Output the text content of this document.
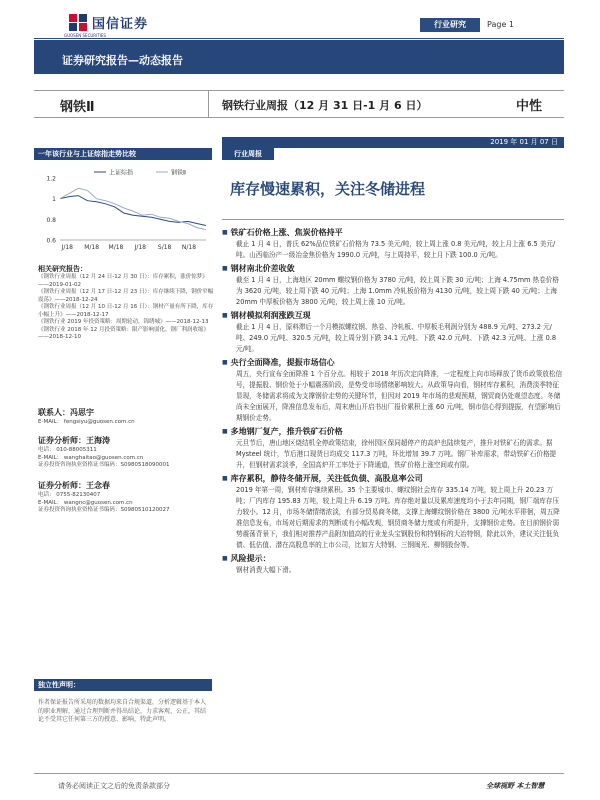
国信证券
GUOSEN SECURITIES
行业研究	Page 1
证券研究报告—动态报告
钢铁Ⅱ	钢铁行业周报（12 月 31 日-1 月 6 日）	中性
2019 年 01 月 07 日
行业周报
一年该行业与上证综指走势比较
1.2
1
0.8
0.6
J/18 M/18 M/18 J/18 S/18 N/18
上证综指	钢铁Ⅱ
相关研究报告：
《钢铁行业周报（12 月 24 日-12 月 30 日）：库存累积，涨价惊梦》——2019-01-02
《钢铁行业周报（12 月 17 日-12 月 23 日）：库存继续下降，钢价窄幅震荡》——2018-12-24
《钢铁行业周报（12 月 10 日-12 月 16 日）：钢材产量有所下降，库存小幅上升》——2018-12-17
《钢铁行业 2019 年投资策略：周期轮动，锦绣城》——2018-12-13
《钢铁行业 2018 年 12 月投资策略：限产影响弱化，钢厂利润收缩》——2018-12-10
联系人：冯思宇
E-MAIL： fengsiyu@guosen.com.cn
证券分析师：王海涛
电话： 010-88005311
E-MAIL： wanghaitao@guosen.com.cn
证券投资咨询执业资格证书编码：S0980518090001
证券分析师：王念春
电话： 0755-82130407
E-MAIL： wangnc@guosen.com.cn
证券投资咨询执业资格证书编码：S0980510120027
独立性声明：
作者保证报告所采用的数据均来自合规渠道，分析逻辑基于本人的职业理解，通过合理判断并得出结论，力求客观、公正，其结论不受其它任何第三方的授意、影响，特此声明。
库存慢速累积，关注冬储进程

■ 铁矿石价格上涨、焦炭价格持平

截止 1 月 4 日，普氏 62%品位铁矿石价格为 73.5 美元/吨，较上周上涨 0.8 美元/吨，较上月上涨 6.5 美元/吨。山西临汾产一级冶金焦价格为 1990.0 元/吨，与上周持平，较上月下跌 100.0 元/吨。

■ 钢材南北价差收敛

截至 1 月 4 日，上海地区 20mm 螺纹钢价格为 3780 元/吨，较上周下跌 30 元/吨；上海 4.75mm 热卷价格为 3620 元/吨，较上周下跌 40 元/吨；上海 1.0mm 冷轧板价格为 4130 元/吨，较上周下跌 40 元/吨；上海 20mm 中厚板价格为 3800 元/吨，较上周上涨 10 元/吨。

■ 钢材模拟利润涨跌互现

截止 1 月 4 日，原料滞后一个月模拟螺纹钢、热卷、冷轧板、中厚板毛利润分别为 488.9 元/吨、273.2 元/吨、249.0 元/吨、320.5 元/吨，较上周分别下跌 34.1 元/吨、下跌 42.0 元/吨、下跌 42.3 元/吨、上涨 0.8 元/吨。

■ 央行全面降准，提振市场信心

周五，央行宣布全面降准 1 个百分点。相较于 2018 年历次定向降准，一定程度上向市场释放了货币政策放松信号，提振股、钢价处于小幅震荡阶段，是势受市场情绪影响较大。从政策导向看，钢材库存累积，消费淡季特征显现，冬储需求将成为支撑钢价走势的关键环节，但因对 2019 年市场的悲观预期，钢贸商仍处观望态度。冬储尚未全面展开，降准信息发布后，周末唐山开启书出厂报价累积上涨 60 元/吨，钢市信心得到提振，有望影响后期钢价走势。

■ 多地钢厂复产，推升铁矿石价格

元旦节后，唐山地区烧结机全停政策结束，徐州园区保同超停产的高炉也陆续复产，推升对铁矿石的需求。据 Mysteel 统计，节后港口现货日均成交 117.3 万吨，环比增加 39.7 万吨。钢厂补库需求，带动铁矿石价格提升，但钢材需求淡季，全国高炉开工率处于下降通道，铁矿价格上涨空间或有限。

■ 库存累积，静待冬储开展，关注低负债、高股息率公司

2019 年第一周，钢材库存继续累积。35 个主要城市、螺纹钢社会库存 335.14 万吨，较上周上升 20.23 万吨；厂内库存 195.83 万吨，较上周上升 6.19 万吨。库存绝对量以及累库速度均小于去年同期，钢厂端库存压力较小。12 月，市场冬储情绪浓淡，有部分贸易商冬储，支撑上海螺纹钢价格在 3800 元/吨水平徘徊，周五降准信息发布，市场对后期需求的判断或有小幅改观，钢贸商冬储力度或有所提升，支撑钢价走势。在目前钢价弱势震荡背景下，我们相对推荐产品附加值高的行业龙头宝钢股份和特钢标的大冶特钢，除此以外，建议关注低负债、低估值、潜在高股息率的上市公司，比如方大特钢、三钢闽光、柳钢股份等。

■ 风险提示：

钢材消费大幅下滑。

请务必阅读正文之后的免责条款部分	全球视野 本土智慧
